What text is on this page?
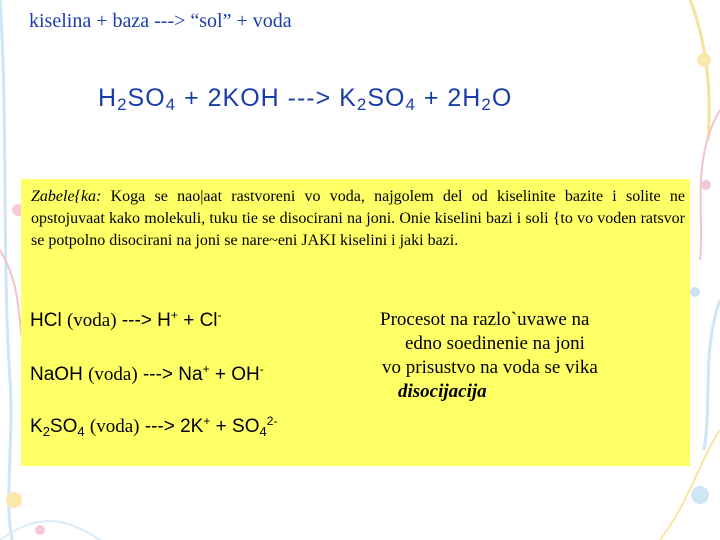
kiselina + baza ---> “sol” + voda
$H_2SO_4 + 2KOH$ ---> $K_2SO_4 + 2H_2O$
Zabele{ka: Koga se nao|aat rastvoreni vo voda, najgolem del od kiselinite bazite i solite ne opstojuvaat kako molekuli, tuku tie se disocirani na joni. Onie kiselini bazi i soli {to vo voden ratsvor se potpolno disocirani na joni se nare~eni JAKI kiselini i jaki bazi.
HCl (voda) ---> H+ + Cl-
NaOH (voda) ---> Na+ + OH-
$K_2SO_4$ (voda) ---> $2K^+ + SO_4^{2-}$
Procesot na razlo`uvawe na
edno soedinenie na joni
vo prisustvo na voda se vika
disocijacija
